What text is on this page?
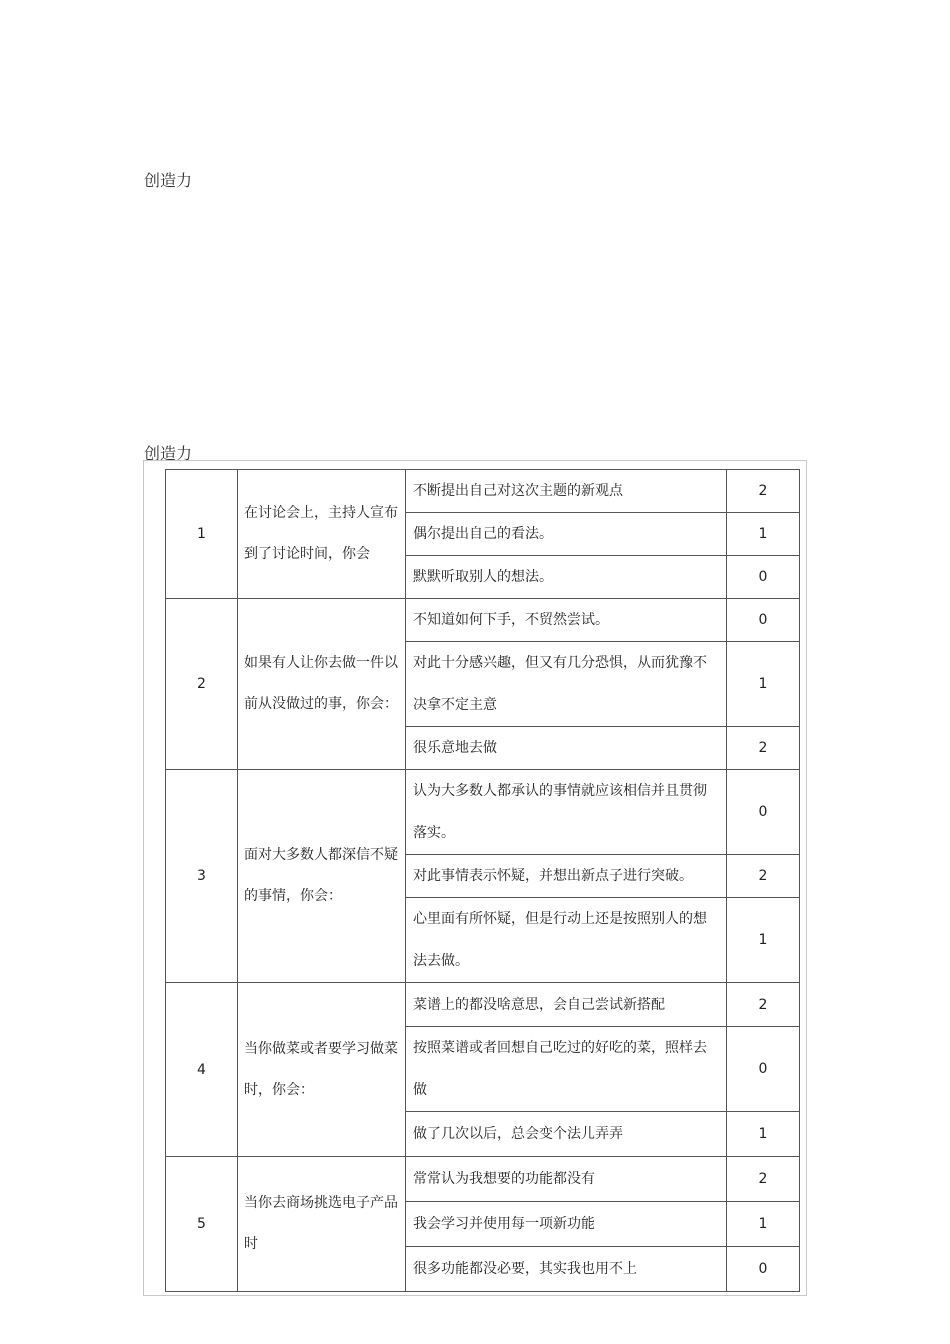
创造力
创造力
1	在讨论会上，主持人宣布到了讨论时间，你会	不断提出自己对这次主题的新观点	2
		偶尔提出自己的看法。	1
		默默听取别人的想法。	0
2	如果有人让你去做一件以前从没做过的事，你会：	不知道如何下手，不贸然尝试。	0
		对此十分感兴趣，但又有几分恐惧，从而犹豫不决拿不定主意	1
		很乐意地去做	2
3	面对大多数人都深信不疑的事情，你会：	认为大多数人都承认的事情就应该相信并且贯彻落实。	0
		对此事情表示怀疑，并想出新点子进行突破。	2
		心里面有所怀疑，但是行动上还是按照别人的想法去做。	1
4	当你做菜或者要学习做菜时，你会：	菜谱上的都没啥意思，会自己尝试新搭配	2
		按照菜谱或者回想自己吃过的好吃的菜，照样去做	0
		做了几次以后，总会变个法儿弄弄	1
5	当你去商场挑选电子产品时	常常认为我想要的功能都没有	2
		我会学习并使用每一项新功能	1
		很多功能都没必要，其实我也用不上	0
